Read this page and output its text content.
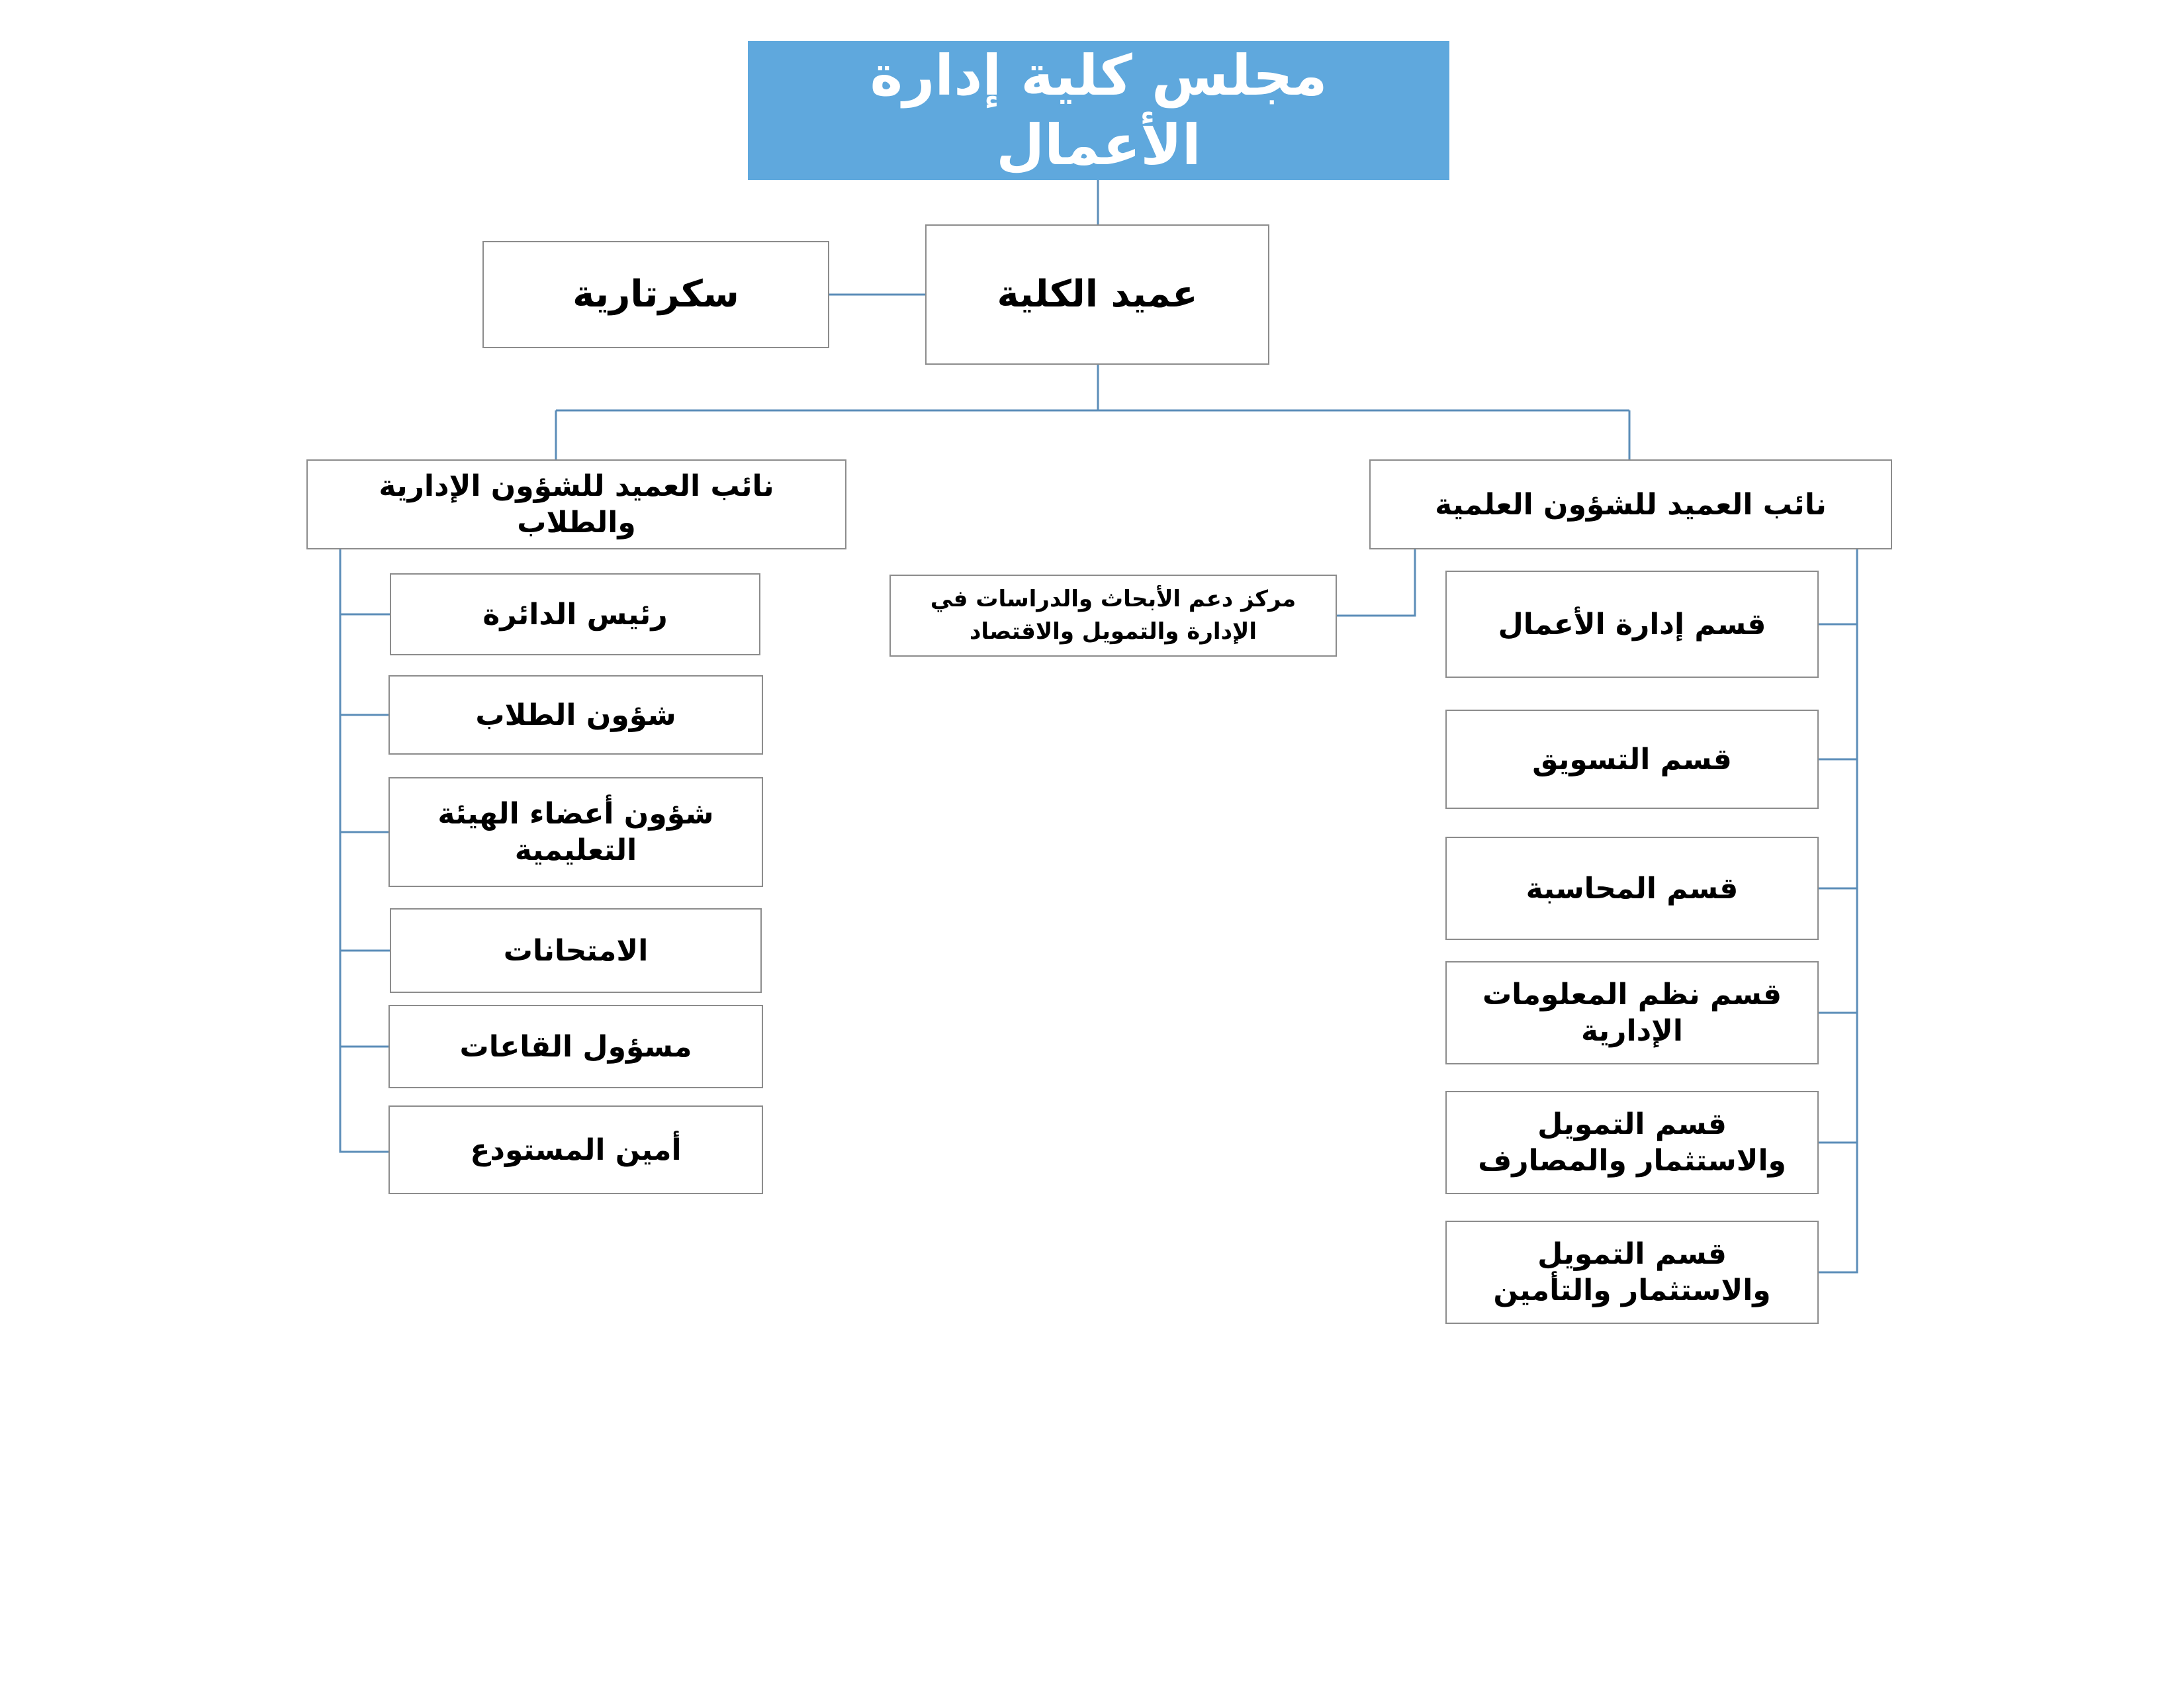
مجلس كلية إدارة الأعمال
عميد الكلية
سكرتارية
نائب العميد للشؤون العلمية
نائب العميد للشؤون الإدارية والطلاب
مركز دعم الأبحاث والدراسات في الإدارة والتمويل والاقتصاد	قسم إدارة الأعمال
قسم التسويق
قسم المحاسبة
قسم نظم المعلومات الإدارية
قسم التمويل والاستثمار والمصارف
قسم التمويل والاستثمار والتأمين
رئيس الدائرة
شؤون الطلاب
شؤون أعضاء الهيئة التعليمية
الامتحانات
مسؤول القاعات
أمين المستودع
